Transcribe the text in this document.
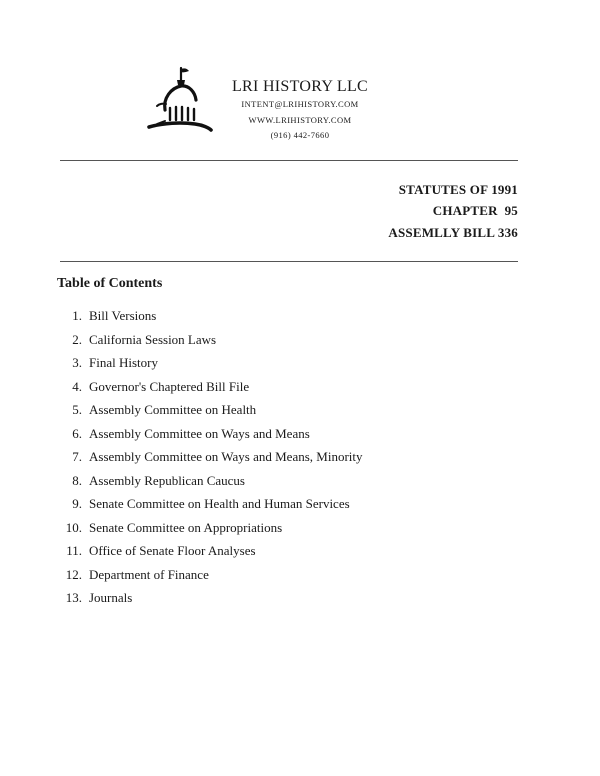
LRI HISTORY LLC
INTENT@LRIHISTORY.COM
WWW.LRIHISTORY.COM
(916) 442-7660
STATUTES OF 1991
CHAPTER  95
ASSEMLLY BILL 336
Table of Contents
1. Bill Versions
2. California Session Laws
3. Final History
4. Governor's Chaptered Bill File
5. Assembly Committee on Health
6. Assembly Committee on Ways and Means
7. Assembly Committee on Ways and Means, Minority
8. Assembly Republican Caucus
9. Senate Committee on Health and Human Services
10. Senate Committee on Appropriations
11. Office of Senate Floor Analyses
12. Department of Finance
13. Journals
